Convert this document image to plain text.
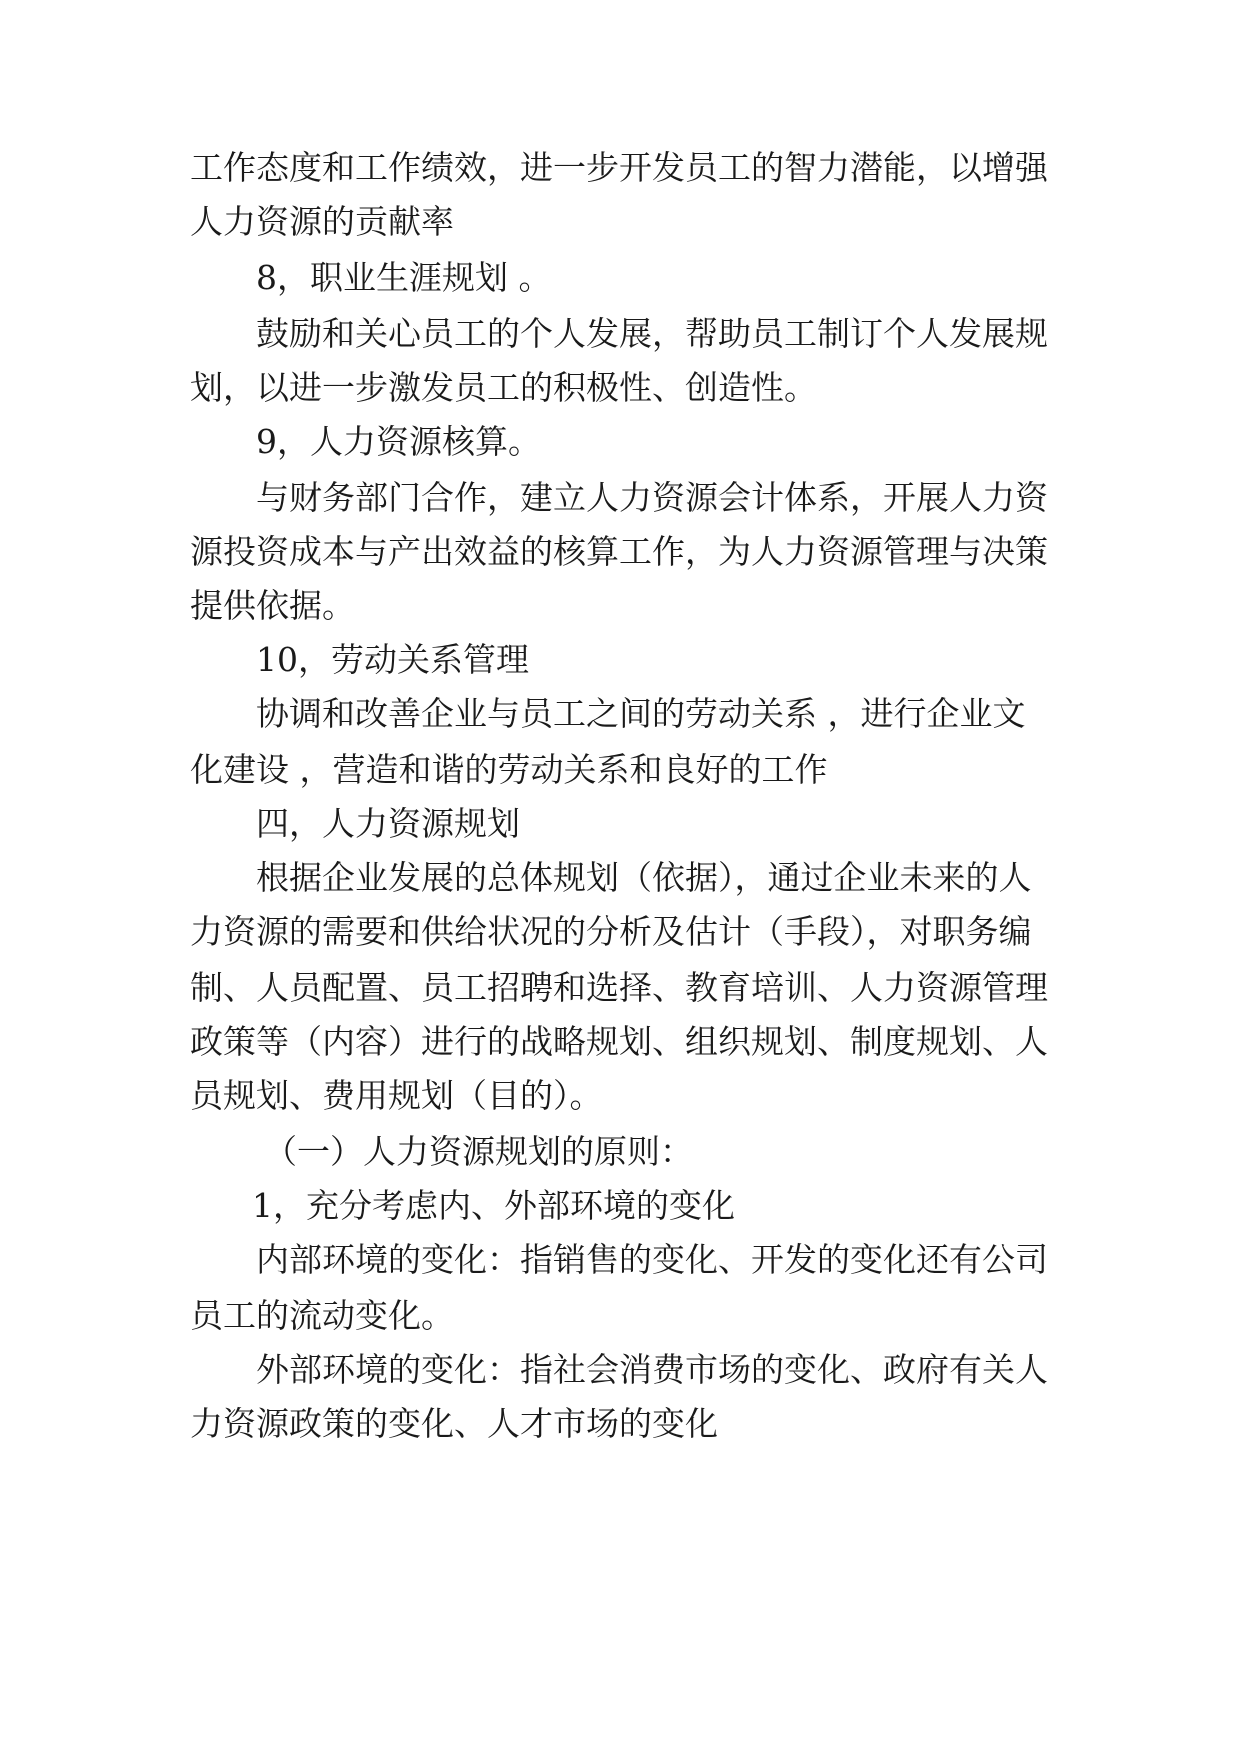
工作态度和工作绩效，进一步开发员工的智力潜能，以增强

人力资源的贡献率

8，职业生涯规划 。

鼓励和关心员工的个人发展，帮助员工制订个人发展规

划，以进一步激发员工的积极性、创造性。

9，人力资源核算。

与财务部门合作，建立人力资源会计体系，开展人力资

源投资成本与产出效益的核算工作，为人力资源管理与决策

提供依据。

10，劳动关系管理

协调和改善企业与员工之间的劳动关系 ，进行企业文

化建设 ，营造和谐的劳动关系和良好的工作

四，人力资源规划

根据企业发展的总体规划（依据），通过企业未来的人

力资源的需要和供给状况的分析及估计（手段），对职务编

制、人员配置、员工招聘和选择、教育培训、人力资源管理

政策等（内容）进行的战略规划、组织规划、制度规划、人

员规划、费用规划（目的）。

（一）人力资源规划的原则：

1，充分考虑内、外部环境的变化

内部环境的变化：指销售的变化、开发的变化还有公司

员工的流动变化。

外部环境的变化：指社会消费市场的变化、政府有关人

力资源政策的变化、人才市场的变化
